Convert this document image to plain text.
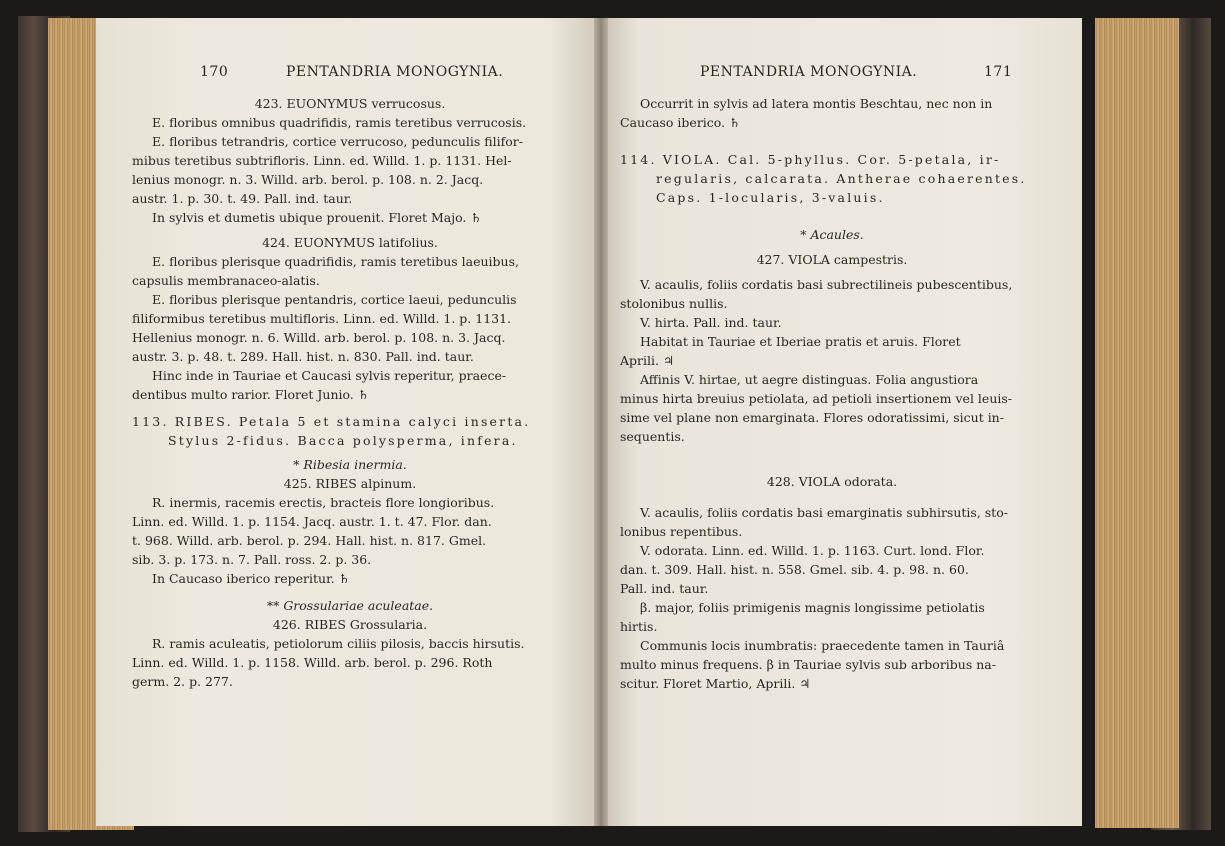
170	PENTANDRIA MONOGYNIA.

423. EUONYMUS verrucosus.

E. floribus omnibus quadrifidis, ramis teretibus verrucosis.

E. floribus tetrandris, cortice verrucoso, pedunculis filifor-

mibus teretibus subtrifloris. Linn. ed. Willd. 1. p. 1131. Hel-

lenius monogr. n. 3. Willd. arb. berol. p. 108. n. 2. Jacq.

austr. 1. p. 30. t. 49. Pall. ind. taur.

In sylvis et dumetis ubique prouenit. Floret Majo. ♄

424. EUONYMUS latifolius.

E. floribus plerisque quadrifidis, ramis teretibus laeuibus,

capsulis membranaceo-alatis.

E. floribus plerisque pentandris, cortice laeui, pedunculis

filiformibus teretibus multifloris. Linn. ed. Willd. 1. p. 1131.

Hellenius monogr. n. 6. Willd. arb. berol. p. 108. n. 3. Jacq.

austr. 3. p. 48. t. 289. Hall. hist. n. 830. Pall. ind. taur.

Hinc inde in Tauriae et Caucasi sylvis reperitur, praece-

dentibus multo rarior. Floret Junio. ♄

113. RIBES. Petala 5 et stamina calyci inserta.

Stylus 2-fidus. Bacca polysperma, infera.

* Ribesia inermia.

425. RIBES alpinum.

R. inermis, racemis erectis, bracteis flore longioribus.

Linn. ed. Willd. 1. p. 1154. Jacq. austr. 1. t. 47. Flor. dan.

t. 968. Willd. arb. berol. p. 294. Hall. hist. n. 817. Gmel.

sib. 3. p. 173. n. 7. Pall. ross. 2. p. 36.

In Caucaso iberico reperitur. ♄

** Grossulariae aculeatae.

426. RIBES Grossularia.

R. ramis aculeatis, petiolorum ciliis pilosis, baccis hirsutis.

Linn. ed. Willd. 1. p. 1158. Willd. arb. berol. p. 296. Roth

germ. 2. p. 277.

PENTANDRIA MONOGYNIA.	171

Occurrit in sylvis ad latera montis Beschtau, nec non in

Caucaso iberico. ♄

114. VIOLA. Cal. 5-phyllus. Cor. 5-petala, ir-

regularis, calcarata. Antherae cohaerentes.

Caps. 1-locularis, 3-valuis.

* Acaules.

427. VIOLA campestris.

V. acaulis, foliis cordatis basi subrectilineis pubescentibus,

stolonibus nullis.

V. hirta. Pall. ind. taur.

Habitat in Tauriae et Iberiae pratis et aruis. Floret

Aprili. ♃

Affinis V. hirtae, ut aegre distinguas. Folia angustiora

minus hirta breuius petiolata, ad petioli insertionem vel leuis-

sime vel plane non emarginata. Flores odoratissimi, sicut in-

sequentis.

428. VIOLA odorata.

V. acaulis, foliis cordatis basi emarginatis subhirsutis, sto-

lonibus repentibus.

V. odorata. Linn. ed. Willd. 1. p. 1163. Curt. lond. Flor.

dan. t. 309. Hall. hist. n. 558. Gmel. sib. 4. p. 98. n. 60.

Pall. ind. taur.

β. major, foliis primigenis magnis longissime petiolatis

hirtis.

Communis locis inumbratis: praecedente tamen in Tauriâ

multo minus frequens. β in Tauriae sylvis sub arboribus na-

scitur. Floret Martio, Aprili. ♃
